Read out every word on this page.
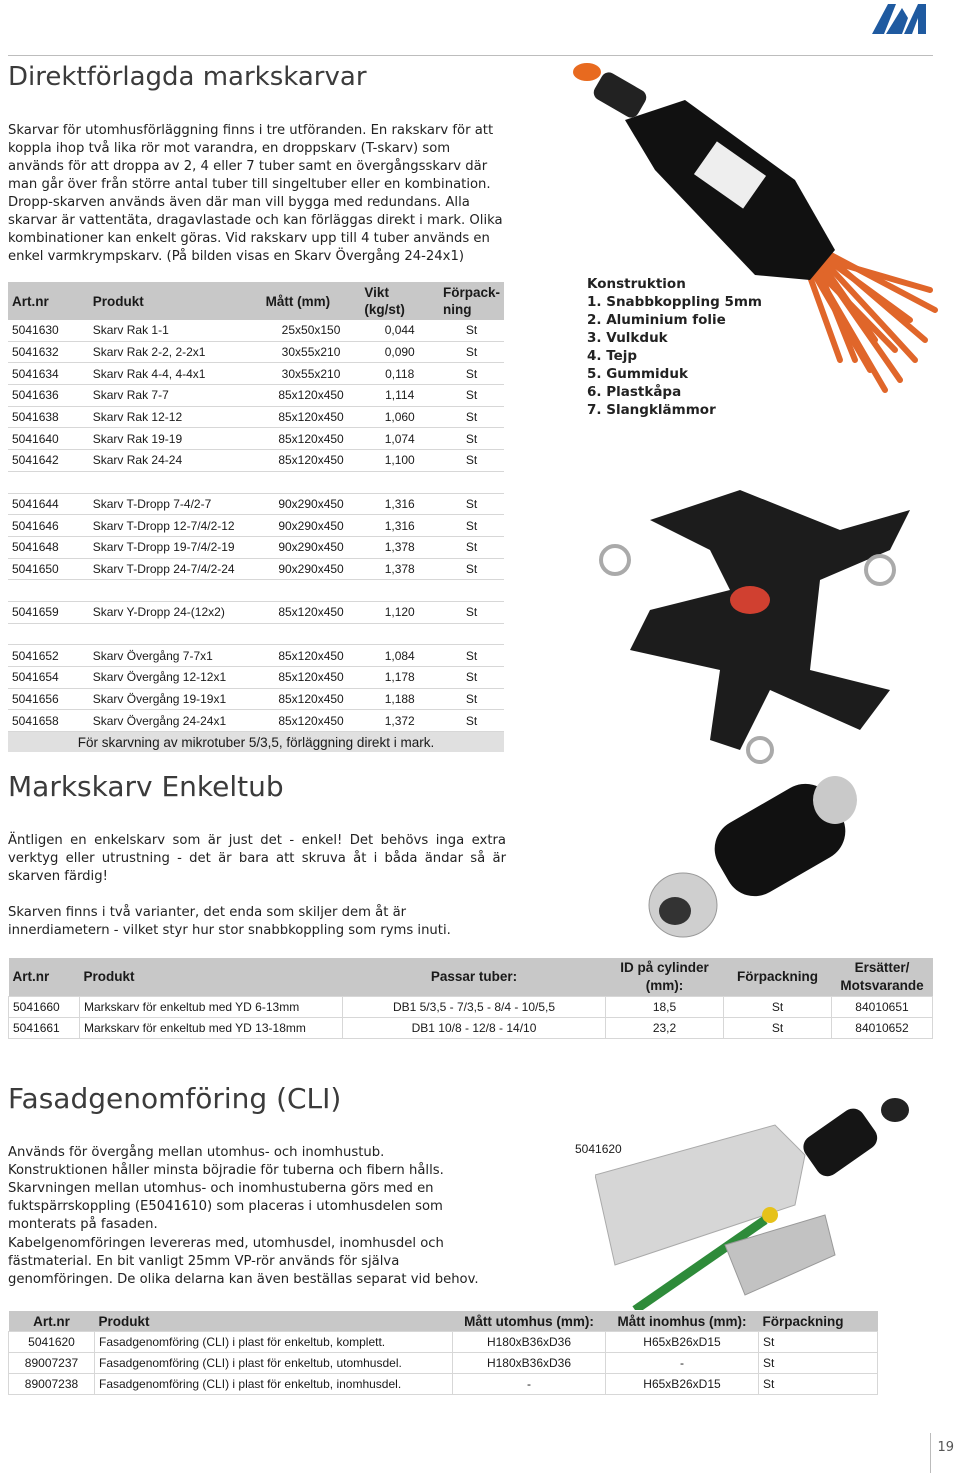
Direktförlagda markskarvar

Skarvar för utomhusförläggning finns i tre utföranden. En rakskarv för att koppla ihop två lika rör mot varandra, en droppskarv (T-skarv) som används för att droppa av 2, 4 eller 7 tuber samt en övergångsskarv där man går över från större antal tuber till singeltuber eller en kombination. Dropp-skarven används även där man vill bygga med redundans. Alla skarvar är vattentäta, dragavlastade och kan förläggas direkt i mark. Olika kombinationer kan enkelt göras. Vid rakskarv upp till 4 tuber används en enkel varmkrympskarv. (På bilden visas en Skarv Övergång 24-24x1)

Konstruktion
1. Snabbkoppling 5mm
2. Aluminium folie
3. Vulkduk
4. Tejp
5. Gummiduk
6. Plastkåpa
7. Slangklämmor
Art.nr	Produkt	Mått (mm)	Vikt
(kg/st)	Förpack-
ning
5041630	Skarv Rak 1-1	25x50x150	0,044	St
5041632	Skarv Rak 2-2, 2-2x1	30x55x210	0,090	St
5041634	Skarv Rak 4-4, 4-4x1	30x55x210	0,118	St
5041636	Skarv Rak 7-7	85x120x450	1,114	St
5041638	Skarv Rak 12-12	85x120x450	1,060	St
5041640	Skarv Rak 19-19	85x120x450	1,074	St
5041642	Skarv Rak 24-24	85x120x450	1,100	St

5041644	Skarv T-Dropp 7-4/2-7	90x290x450	1,316	St
5041646	Skarv T-Dropp 12-7/4/2-12	90x290x450	1,316	St
5041648	Skarv T-Dropp 19-7/4/2-19	90x290x450	1,378	St
5041650	Skarv T-Dropp 24-7/4/2-24	90x290x450	1,378	St

5041659	Skarv Y-Dropp 24-(12x2)	85x120x450	1,120	St

5041652	Skarv Övergång 7-7x1	85x120x450	1,084	St
5041654	Skarv Övergång 12-12x1	85x120x450	1,178	St
5041656	Skarv Övergång 19-19x1	85x120x450	1,188	St
5041658	Skarv Övergång 24-24x1	85x120x450	1,372	St
För skarvning av mikrotuber 5/3,5, förläggning direkt i mark.				
Markskarv Enkeltub

Äntligen en enkelskarv som är just det - enkel! Det behövs inga extra verktyg eller utrustning - det är bara att skruva åt i båda ändar så är skarven färdig!

Skarven finns i två varianter, det enda som skiljer dem åt är innerdiametern - vilket styr hur stor snabbkoppling som ryms inuti.

Art.nr	Produkt	Passar tuber:	ID på cylinder
(mm):	Förpackning	Ersätter/
Motsvarande
5041660	Markskarv för enkeltub med YD 6-13mm	DB1 5/3,5 - 7/3,5 - 8/4 - 10/5,5	18,5	St	84010651
5041661	Markskarv för enkeltub med YD 13-18mm	DB1 10/8 - 12/8 - 14/10	23,2	St	84010652
Fasadgenomföring (CLI)

Används för övergång mellan utomhus- och inomhustub. Konstruktionen håller minsta böjradie för tuberna och fibern hålls. Skarvningen mellan utomhus- och inomhustuberna görs med en fuktspärrskoppling (E5041610) som placeras i utomhusdelen som monterats på fasaden.

Kabelgenomföringen levereras med, utomhusdel, inomhusdel och fästmaterial. En bit vanligt 25mm VP-rör används för själva genomföringen. De olika delarna kan även beställas separat vid behov.

5041620
Art.nr	Produkt	Mått utomhus (mm):	Mått inomhus (mm):	Förpackning
5041620	Fasadgenomföring (CLI) i plast för enkeltub, komplett.	H180xB36xD36	H65xB26xD15	St
89007237	Fasadgenomföring (CLI) i plast för enkeltub, utomhusdel.	H180xB36xD36	-	St
89007238	Fasadgenomföring (CLI) i plast för enkeltub, inomhusdel.	-	H65xB26xD15	St
19
